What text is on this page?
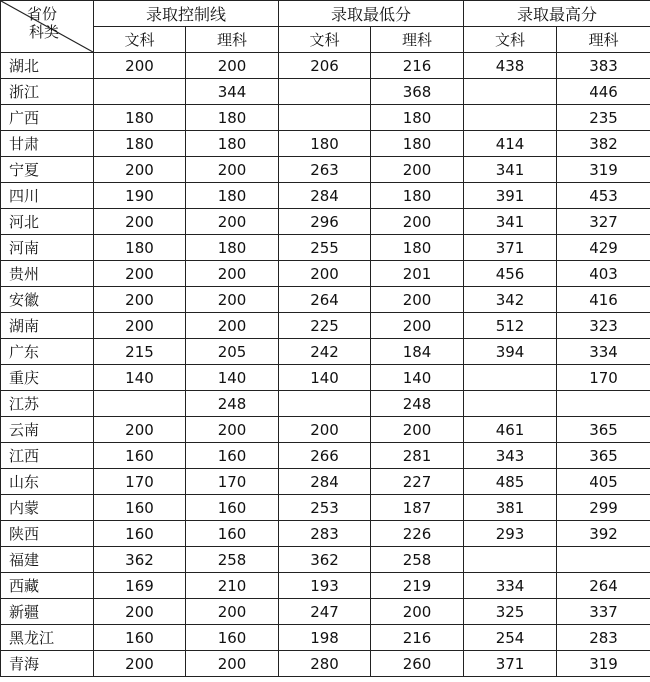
省份
科类	录取控制线		录取最低分		录取最高分	
	文科	理科	文科	理科	文科	理科
湖北	200	200	206	216	438	383
浙江		344		368		446
广西	180	180		180		235
甘肃	180	180	180	180	414	382
宁夏	200	200	263	200	341	319
四川	190	180	284	180	391	453
河北	200	200	296	200	341	327
河南	180	180	255	180	371	429
贵州	200	200	200	201	456	403
安徽	200	200	264	200	342	416
湖南	200	200	225	200	512	323
广东	215	205	242	184	394	334
重庆	140	140	140	140		170
江苏		248		248		
云南	200	200	200	200	461	365
江西	160	160	266	281	343	365
山东	170	170	284	227	485	405
内蒙	160	160	253	187	381	299
陕西	160	160	283	226	293	392
福建	362	258	362	258		
西藏	169	210	193	219	334	264
新疆	200	200	247	200	325	337
黑龙江	160	160	198	216	254	283
青海	200	200	280	260	371	319
